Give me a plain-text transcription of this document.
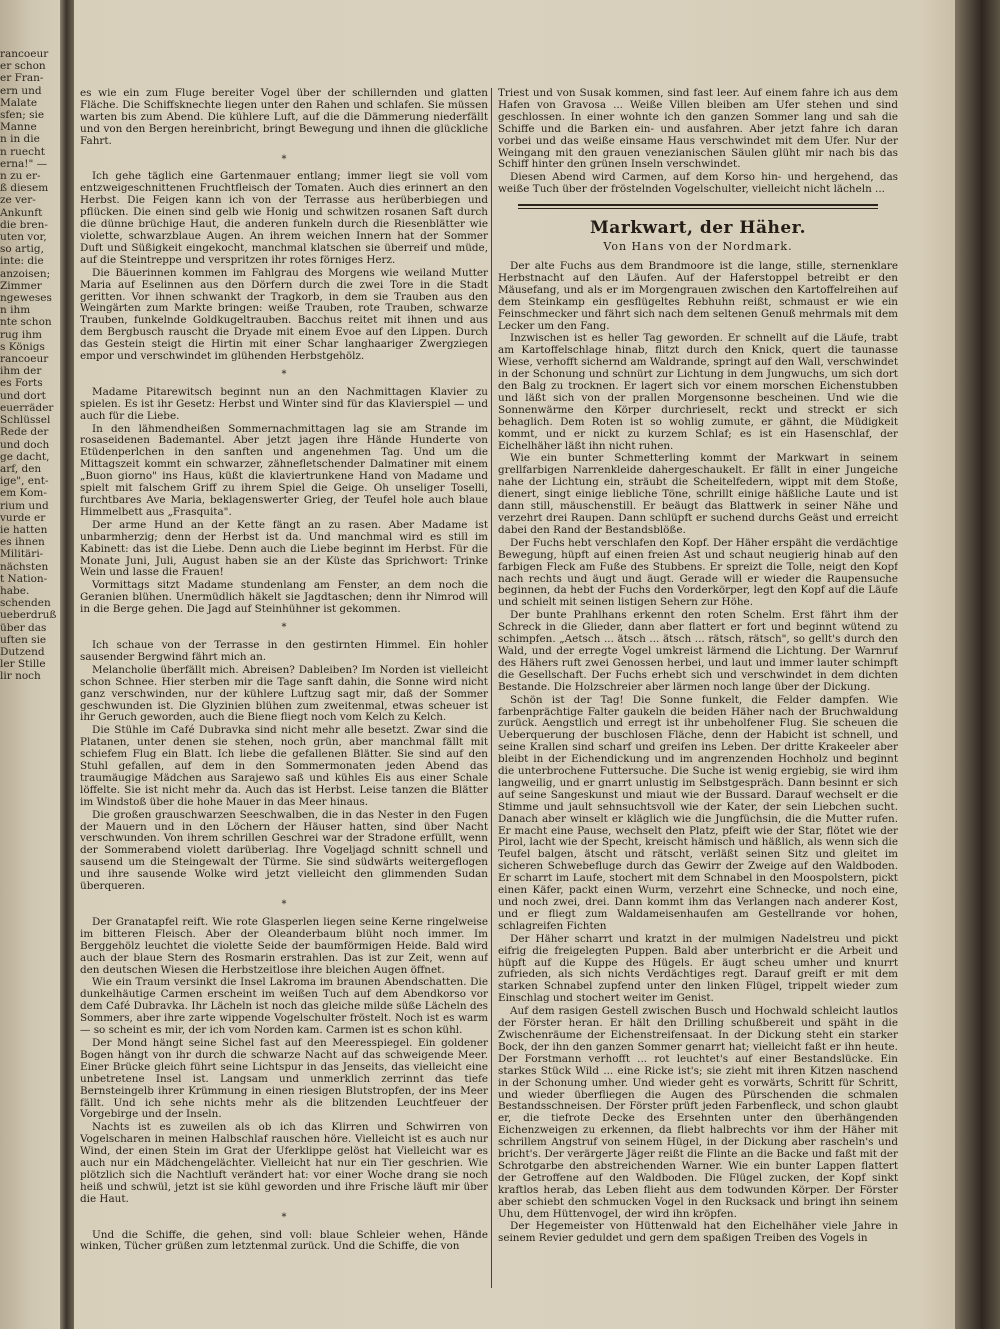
rancoeur

er schon

er Fran-

ern und

Malate

sfen; sie

Manne

n in die

n ruecht

erna!" —

n zu er-

ß diesem

ze ver-

Ankunft

die bren-

uten vor,

so artig,

inte: die

anzoisen;

Zimmer

ngeweses

n ihm

nte schon

rug ihm

s Königs

rancoeur

ihm der

es Forts

und dort

euerräder

Schlüssel

Rede der

und doch

ge dacht,

arf, den

ige", ent-

em Kom-

rium und

vurde er

ie hatten

es ihnen

Militäri-

nächsten

t Nation-

habe.

schenden

ueberdruß

über das

uften sie

Dutzend

ler Stille

lir noch

es wie ein zum Fluge bereiter Vogel über der schillernden und glatten Fläche. Die Schiffsknechte liegen unter den Rahen und schlafen. Sie müssen warten bis zum Abend. Die kühlere Luft, auf die die Dämmerung niederfällt und von den Bergen hereinbricht, bringt Bewegung und ihnen die glückliche Fahrt.

*

Ich gehe täglich eine Gartenmauer entlang; immer liegt sie voll vom entzweigeschnittenen Fruchtfleisch der Tomaten. Auch dies erinnert an den Herbst. Die Feigen kann ich von der Terrasse aus herüberbiegen und pflücken. Die einen sind gelb wie Honig und schwitzen rosanen Saft durch die dünne brüchige Haut, die anderen funkeln durch die Riesenblätter wie violette, schwarzblaue Augen. An ihrem weichen Innern hat der Sommer Duft und Süßigkeit eingekocht, manchmal klatschen sie überreif und müde, auf die Steintreppe und verspritzen ihr rotes förniges Herz.

Die Bäuerinnen kommen im Fahlgrau des Morgens wie weiland Mutter Maria auf Eselinnen aus den Dörfern durch die zwei Tore in die Stadt geritten. Vor ihnen schwankt der Tragkorb, in dem sie Trauben aus den Weingärten zum Markte bringen: weiße Trauben, rote Trauben, schwarze Trauben, funkelnde Goldkugeltrauben. Bacchus reitet mit ihnen und aus dem Bergbusch rauscht die Dryade mit einem Evoe auf den Lippen. Durch das Gestein steigt die Hirtin mit einer Schar langhaariger Zwergziegen empor und verschwindet im glühenden Herbstgehölz.

*

Madame Pitarewitsch beginnt nun an den Nachmittagen Klavier zu spielen. Es ist ihr Gesetz: Herbst und Winter sind für das Klavierspiel — und auch für die Liebe.

In den lähmendheißen Sommernachmittagen lag sie am Strande im rosaseidenen Bademantel. Aber jetzt jagen ihre Hände Hunderte von Etüdenperlchen in den sanften und angenehmen Tag. Und um die Mittagszeit kommt ein schwarzer, zähnefletschender Dalmatiner mit einem „Buon giorno" ins Haus, küßt die klaviertrunkene Hand von Madame und spielt mit falschem Griff zu ihrem Spiel die Geige. Oh unseliger Toselli, furchtbares Ave Maria, beklagenswerter Grieg, der Teufel hole auch blaue Himmelbett aus „Frasquita".

Der arme Hund an der Kette fängt an zu rasen. Aber Madame ist unbarmherzig; denn der Herbst ist da. Und manchmal wird es still im Kabinett: das ist die Liebe. Denn auch die Liebe beginnt im Herbst. Für die Monate Juni, Juli, August haben sie an der Küste das Sprichwort: Trinke Wein und lasse die Frauen!

Vormittags sitzt Madame stundenlang am Fenster, an dem noch die Geranien blühen. Unermüdlich häkelt sie Jagdtaschen; denn ihr Nimrod will in die Berge gehen. Die Jagd auf Steinhühner ist gekommen.

*

Ich schaue von der Terrasse in den gestirnten Himmel. Ein hohler sausender Bergwind fährt mich an.

Melancholie überfällt mich. Abreisen? Dableiben? Im Norden ist vielleicht schon Schnee. Hier sterben mir die Tage sanft dahin, die Sonne wird nicht ganz verschwinden, nur der kühlere Luftzug sagt mir, daß der Sommer geschwunden ist. Die Glyzinien blühen zum zweitenmal, etwas scheuer ist ihr Geruch geworden, auch die Biene fliegt noch vom Kelch zu Kelch.

Die Stühle im Café Dubravka sind nicht mehr alle besetzt. Zwar sind die Platanen, unter denen sie stehen, noch grün, aber manchmal fällt mit schiefem Flug ein Blatt. Ich liebe die gefallenen Blätter. Sie sind auf den Stuhl gefallen, auf dem in den Sommermonaten jeden Abend das traumäugige Mädchen aus Sarajewo saß und kühles Eis aus einer Schale löffelte. Sie ist nicht mehr da. Auch das ist Herbst. Leise tanzen die Blätter im Windstoß über die hohe Mauer in das Meer hinaus.

Die großen grauschwarzen Seeschwalben, die in das Nester in den Fugen der Mauern und in den Löchern der Häuser hatten, sind über Nacht verschwunden. Von ihrem schrillen Geschrei war der Stradone erfüllt, wenn der Sommerabend violett darüberlag. Ihre Vogeljagd schnitt schnell und sausend um die Steingewalt der Türme. Sie sind südwärts weitergeflogen und ihre sausende Wolke wird jetzt vielleicht den glimmenden Sudan überqueren.

*

Der Granatapfel reift. Wie rote Glasperlen liegen seine Kerne ringelweise im bitteren Fleisch. Aber der Oleanderbaum blüht noch immer. Im Berggehölz leuchtet die violette Seide der baumförmigen Heide. Bald wird auch der blaue Stern des Rosmarin erstrahlen. Das ist zur Zeit, wenn auf den deutschen Wiesen die Herbstzeitlose ihre bleichen Augen öffnet.

Wie ein Traum versinkt die Insel Lakroma im braunen Abendschatten. Die dunkelhäutige Carmen erscheint im weißen Tuch auf dem Abendkorso vor dem Café Dubravka. Ihr Lächeln ist noch das gleiche milde süße Lächeln des Sommers, aber ihre zarte wippende Vogelschulter fröstelt. Noch ist es warm — so scheint es mir, der ich vom Norden kam. Carmen ist es schon kühl.

Der Mond hängt seine Sichel fast auf den Meeresspiegel. Ein goldener Bogen hängt von ihr durch die schwarze Nacht auf das schweigende Meer. Einer Brücke gleich führt seine Lichtspur in das Jenseits, das vielleicht eine unbetretene Insel ist. Langsam und unmerklich zerrinnt das tiefe Bernsteingelb ihrer Krümmung in einen riesigen Blutstropfen, der ins Meer fällt. Und ich sehe nichts mehr als die blitzenden Leuchtfeuer der Vorgebirge und der Inseln.

Nachts ist es zuweilen als ob ich das Klirren und Schwirren von Vogelscharen in meinen Halbschlaf rauschen höre. Vielleicht ist es auch nur Wind, der einen Stein im Grat der Uferklippe gelöst hat Vielleicht war es auch nur ein Mädchengelächter. Vielleicht hat nur ein Tier geschrien. Wie plötzlich sich die Nachtluft verändert hat: vor einer Woche drang sie noch heiß und schwül, jetzt ist sie kühl geworden und ihre Frische läuft mir über die Haut.

*

Und die Schiffe, die gehen, sind voll: blaue Schleier wehen, Hände winken, Tücher grüßen zum letztenmal zurück. Und die Schiffe, die von

Triest und von Susak kommen, sind fast leer. Auf einem fahre ich aus dem Hafen von Gravosa ... Weiße Villen bleiben am Ufer stehen und sind geschlossen. In einer wohnte ich den ganzen Sommer lang und sah die Schiffe und die Barken ein- und ausfahren. Aber jetzt fahre ich daran vorbei und das weiße einsame Haus verschwindet mit dem Ufer. Nur der Weingang mit den grauen venezianischen Säulen glüht mir nach bis das Schiff hinter den grünen Inseln verschwindet.

Diesen Abend wird Carmen, auf dem Korso hin- und hergehend, das weiße Tuch über der fröstelnden Vogelschulter, vielleicht nicht lächeln ...

Markwart, der Häher.
Von Hans von der Nordmark.

Der alte Fuchs aus dem Brandmoore ist die lange, stille, sternenklare Herbstnacht auf den Läufen. Auf der Haferstoppel betreibt er den Mäusefang, und als er im Morgengrauen zwischen den Kartoffelreihen auf dem Steinkamp ein gesflügeltes Rebhuhn reißt, schmaust er wie ein Feinschmecker und fährt sich nach dem seltenen Genuß mehrmals mit dem Lecker um den Fang.

Inzwischen ist es heller Tag geworden. Er schnellt auf die Läufe, trabt am Kartoffelschlage hinab, flitzt durch den Knick, quert die taunasse Wiese, verhofft sichernd am Waldrande, springt auf den Wall, verschwindet in der Schonung und schnürt zur Lichtung in dem Jungwuchs, um sich dort den Balg zu trocknen. Er lagert sich vor einem morschen Eichenstubben und läßt sich von der prallen Morgensonne bescheinen. Und wie die Sonnenwärme den Körper durchrieselt, reckt und streckt er sich behaglich. Dem Roten ist so wohlig zumute, er gähnt, die Müdigkeit kommt, und er nickt zu kurzem Schlaf; es ist ein Hasenschlaf, der Eichelhäher läßt ihn nicht ruhen.

Wie ein bunter Schmetterling kommt der Markwart in seinem grellfarbigen Narrenkleide dahergeschaukelt. Er fällt in einer Jungeiche nahe der Lichtung ein, sträubt die Scheitelfedern, wippt mit dem Stoße, dienert, singt einige liebliche Töne, schrillt einige häßliche Laute und ist dann still, mäuschenstill. Er beäugt das Blattwerk in seiner Nähe und verzehrt drei Raupen. Dann schlüpft er suchend durchs Geäst und erreicht dabei den Rand der Bestandsblöße.

Der Fuchs hebt verschlafen den Kopf. Der Häher erspäht die verdächtige Bewegung, hüpft auf einen freien Ast und schaut neugierig hinab auf den farbigen Fleck am Fuße des Stubbens. Er spreizt die Tolle, neigt den Kopf nach rechts und äugt und äugt. Gerade will er wieder die Raupensuche beginnen, da hebt der Fuchs den Vorderkörper, legt den Kopf auf die Läufe und schielt mit seinen listigen Sehern zur Höhe.

Der bunte Prahlhans erkennt den roten Schelm. Erst fährt ihm der Schreck in die Glieder, dann aber flattert er fort und beginnt wütend zu schimpfen. „Aetsch ... ätsch ... ätsch ... rätsch, rätsch", so gellt's durch den Wald, und der erregte Vogel umkreist lärmend die Lichtung. Der Warnruf des Hähers ruft zwei Genossen herbei, und laut und immer lauter schimpft die Gesellschaft. Der Fuchs erhebt sich und verschwindet in dem dichten Bestande. Die Holzschreier aber lärmen noch lange über der Dickung.

Schön ist der Tag! Die Sonne funkelt, die Felder dampfen. Wie farbenprächtige Falter gaukeln die beiden Häher nach der Bruchwaldung zurück. Aengstlich und erregt ist ihr unbeholfener Flug. Sie scheuen die Ueberquerung der buschlosen Fläche, denn der Habicht ist schnell, und seine Krallen sind scharf und greifen ins Leben. Der dritte Krakeeler aber bleibt in der Eichendickung und im angrenzenden Hochholz und beginnt die unterbrochene Futtersuche. Die Suche ist wenig ergiebig, sie wird ihm langweilig, und er gnarrt unlustig im Selbstgespräch. Dann besinnt er sich auf seine Sangeskunst und miaut wie der Bussard. Darauf wechselt er die Stimme und jault sehnsuchtsvoll wie der Kater, der sein Liebchen sucht. Danach aber winselt er kläglich wie die Jungfüchsin, die die Mutter rufen. Er macht eine Pause, wechselt den Platz, pfeift wie der Star, flötet wie der Pirol, lacht wie der Specht, kreischt hämisch und häßlich, als wenn sich die Teufel balgen, ätscht und rätscht, verläßt seinen Sitz und gleitet im sicheren Schwebefluge durch das Gewirr der Zweige auf den Waldboden. Er scharrt im Laufe, stochert mit dem Schnabel in den Moospolstern, pickt einen Käfer, packt einen Wurm, verzehrt eine Schnecke, und noch eine, und noch zwei, drei. Dann kommt ihm das Verlangen nach anderer Kost, und er fliegt zum Waldameisenhaufen am Gestellrande vor hohen, schlagreifen Fichten

Der Häher scharrt und kratzt in der mulmigen Nadelstreu und pickt eifrig die freigelegten Puppen. Bald aber unterbricht er die Arbeit und hüpft auf die Kuppe des Hügels. Er äugt scheu umher und knurrt zufrieden, als sich nichts Verdächtiges regt. Darauf greift er mit dem starken Schnabel zupfend unter den linken Flügel, trippelt wieder zum Einschlag und stochert weiter im Genist.

Auf dem rasigen Gestell zwischen Busch und Hochwald schleicht lautlos der Förster heran. Er hält den Drilling schußbereit und späht in die Zwischenräume der Eichenstreifensaat. In der Dickung steht ein starker Bock, der ihn den ganzen Sommer genarrt hat; vielleicht faßt er ihn heute. Der Forstmann verhofft ... rot leuchtet's auf einer Bestandslücke. Ein starkes Stück Wild ... eine Ricke ist's; sie zieht mit ihren Kitzen naschend in der Schonung umher. Und wieder geht es vorwärts, Schritt für Schritt, und wieder überfliegen die Augen des Pürschenden die schmalen Bestandsschneisen. Der Förster prüft jeden Farbenfleck, und schon glaubt er, die tiefrote Decke des Ersehnten unter den überhängenden Eichenzweigen zu erkennen, da fliebt halbrechts vor ihm der Häher mit schrillem Angstruf von seinem Hügel, in der Dickung aber rascheln's und bricht's. Der verärgerte Jäger reißt die Flinte an die Backe und faßt mit der Schrotgarbe den abstreichenden Warner. Wie ein bunter Lappen flattert der Getroffene auf den Waldboden. Die Flügel zucken, der Kopf sinkt kraftlos herab, das Leben flieht aus dem todwunden Körper. Der Förster aber schiebt den schmucken Vogel in den Rucksack und bringt ihn seinem Uhu, dem Hüttenvogel, der wird ihn kröpfen.

Der Hegemeister von Hüttenwald hat den Eichelhäher viele Jahre in seinem Revier geduldet und gern dem spaßigen Treiben des Vogels in
